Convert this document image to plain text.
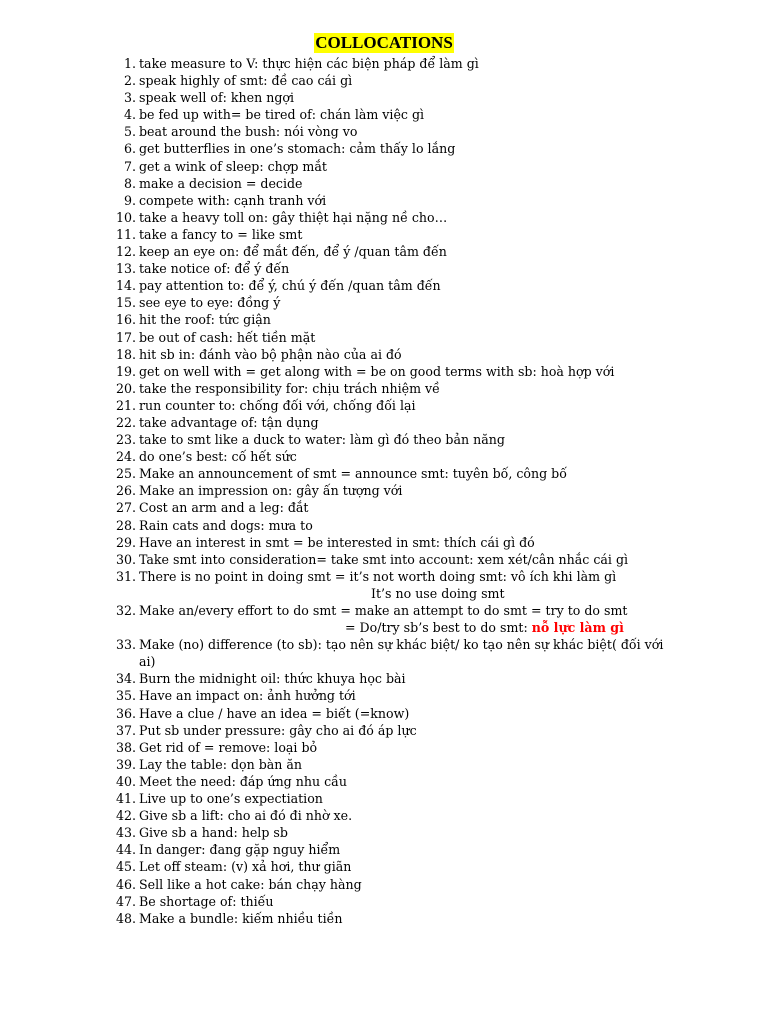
COLLOCATIONS
1. take measure to V: thực hiện các biện pháp để làm gì
2. speak highly of smt: đề cao cái gì
3. speak well of: khen ngợi
4. be fed up with= be tired of: chán làm việc gì
5. beat around the bush: nói vòng vo
6. get butterflies in one’s stomach: cảm thấy lo lắng
7. get a wink of sleep: chợp mắt
8. make a decision = decide
9. compete with: cạnh tranh với
10. take a heavy toll on: gây thiệt hại nặng nề cho…
11. take a fancy to = like smt
12. keep an eye on: để mắt đến, để ý /quan tâm đến
13. take notice of: để ý đến
14. pay attention to: để ý, chú ý đến /quan tâm đến
15. see eye to eye: đồng ý
16. hit the roof: tức giận
17. be out of cash: hết tiền mặt
18. hit sb in: đánh vào bộ phận nào của ai đó
19. get on well with = get along with = be on good terms with sb: hoà hợp với
20. take the responsibility for: chịu trách nhiệm về
21. run counter to: chống đối với, chống đối lại
22. take advantage of: tận dụng
23. take to smt like a duck to water: làm gì đó theo bản năng
24. do one’s best: cố hết sức
25. Make an announcement of smt = announce smt: tuyên bố, công bố
26. Make an impression on: gây ấn tượng với
27. Cost an arm and a leg: đắt
28. Rain cats and dogs: mưa to
29. Have an interest in smt = be interested in smt: thích cái gì đó
30. Take smt into consideration= take smt into account: xem xét/cân nhắc cái gì
31. There is no point in doing smt = it’s not worth doing smt: vô ích khi làm gì
It’s no use doing smt
32. Make an/every effort to do smt = make an attempt to do smt = try to do smt
= Do/try sb’s best to do smt: nỗ lực làm gì
33. Make (no) difference (to sb): tạo nên sự khác biệt/ ko tạo nên sự khác biệt( đối với ai)
34. Burn the midnight oil: thức khuya học bài
35. Have an impact on: ảnh hưởng tới
36. Have a clue / have an idea = biết (=know)
37. Put sb under pressure: gây cho ai đó áp lực
38. Get rid of = remove: loại bỏ
39. Lay the table: dọn bàn ăn
40. Meet the need: đáp ứng nhu cầu
41. Live up to one’s expectiation
42. Give sb a lift: cho ai đó đi nhờ xe.
43. Give sb a hand: help sb
44. In danger: đang gặp nguy hiểm
45. Let off steam: (v) xả hơi, thư giãn
46. Sell like a hot cake: bán chạy hàng
47. Be shortage of: thiếu
48. Make a bundle: kiếm nhiều tiền
